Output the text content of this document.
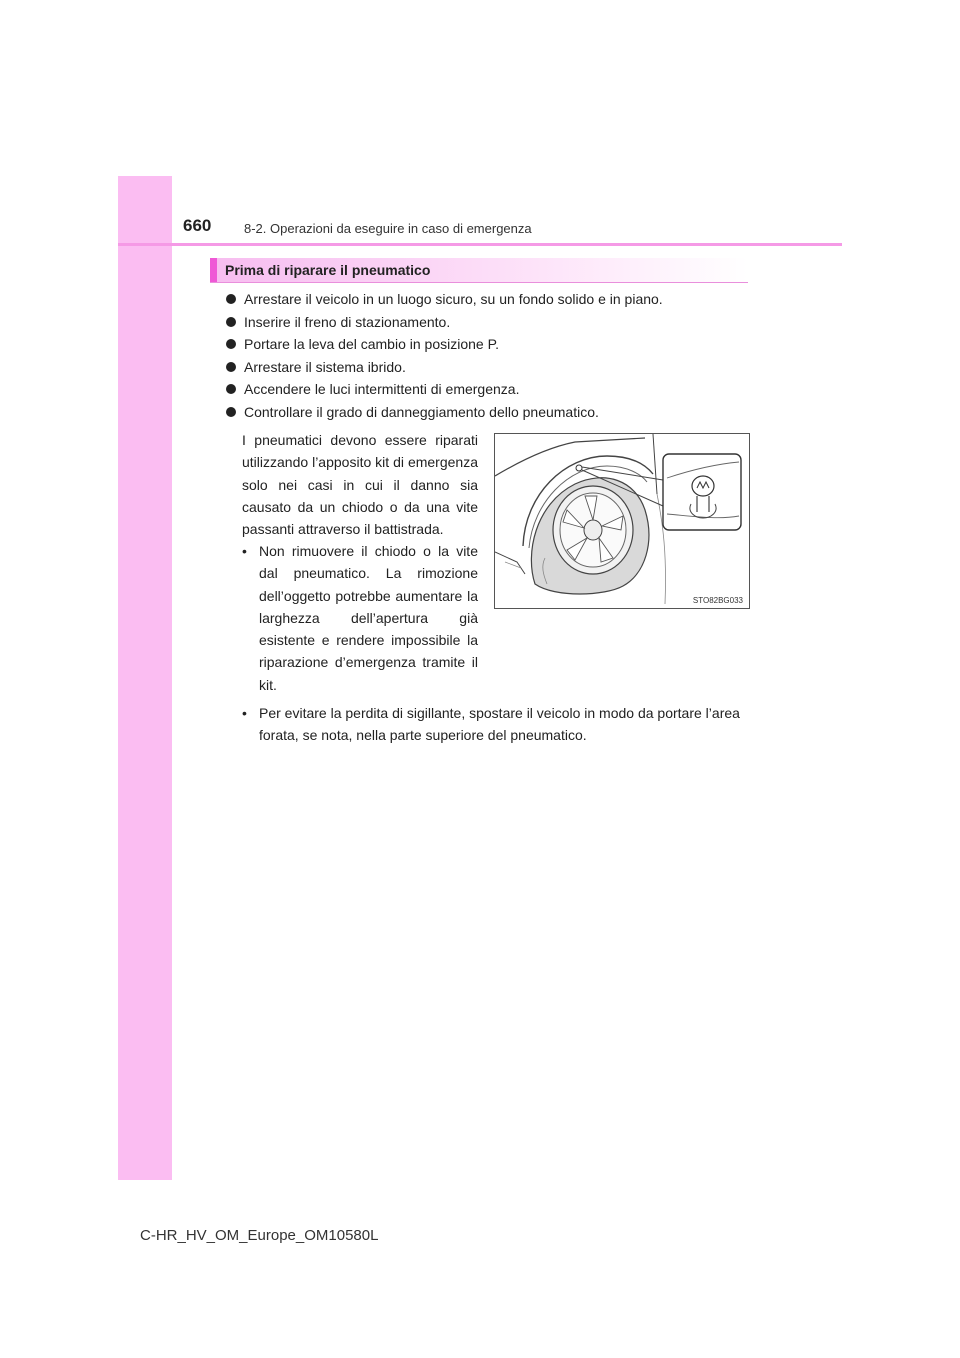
660	8-2. Operazioni da eseguire in caso di emergenza
Prima di riparare il pneumatico
Arrestare il veicolo in un luogo sicuro, su un fondo solido e in piano.
Inserire il freno di stazionamento.
Portare la leva del cambio in posizione P.
Arrestare il sistema ibrido.
Accendere le luci intermittenti di emergenza.
Controllare il grado di danneggiamento dello pneumatico.

I pneumatici devono essere riparati utilizzando l’apposito kit di emergenza solo nei casi in cui il danno sia causato da un chiodo o da una vite passanti attraverso il battistrada.

• Non rimuovere il chiodo o la vite dal pneumatico. La rimozione dell’oggetto potrebbe aumentare la larghezza dell’apertura già esistente e rendere impossibile la riparazione d’emergenza tramite il kit.
• Per evitare la perdita di sigillante, spostare il veicolo in modo da portare l’area forata, se nota, nella parte superiore del pneumatico.
STO82BG033
C-HR_HV_OM_Europe_OM10580L
